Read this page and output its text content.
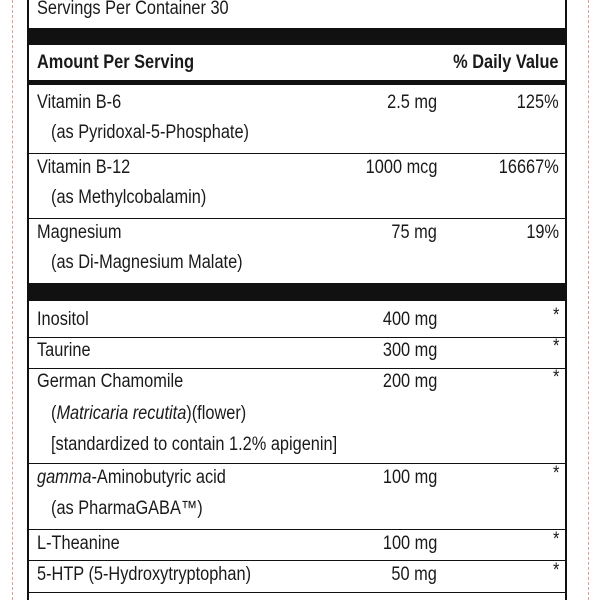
Servings Per Container 30
Amount Per Serving	% Daily Value
Vitamin B-6	2.5 mg	125%
(as Pyridoxal-5-Phosphate)
Vitamin B-12	1000 mcg	16667%
(as Methylcobalamin)
Magnesium	75 mg	19%
(as Di-Magnesium Malate)
Inositol	400 mg	*
Taurine	300 mg	*
German Chamomile	200 mg	*
(Matricaria recutita)(flower)
[standardized to contain 1.2% apigenin]
gamma-Aminobutyric acid	100 mg	*
(as PharmaGABA™)
L-Theanine	100 mg	*
5-HTP (5-Hydroxytryptophan)	50 mg	*
